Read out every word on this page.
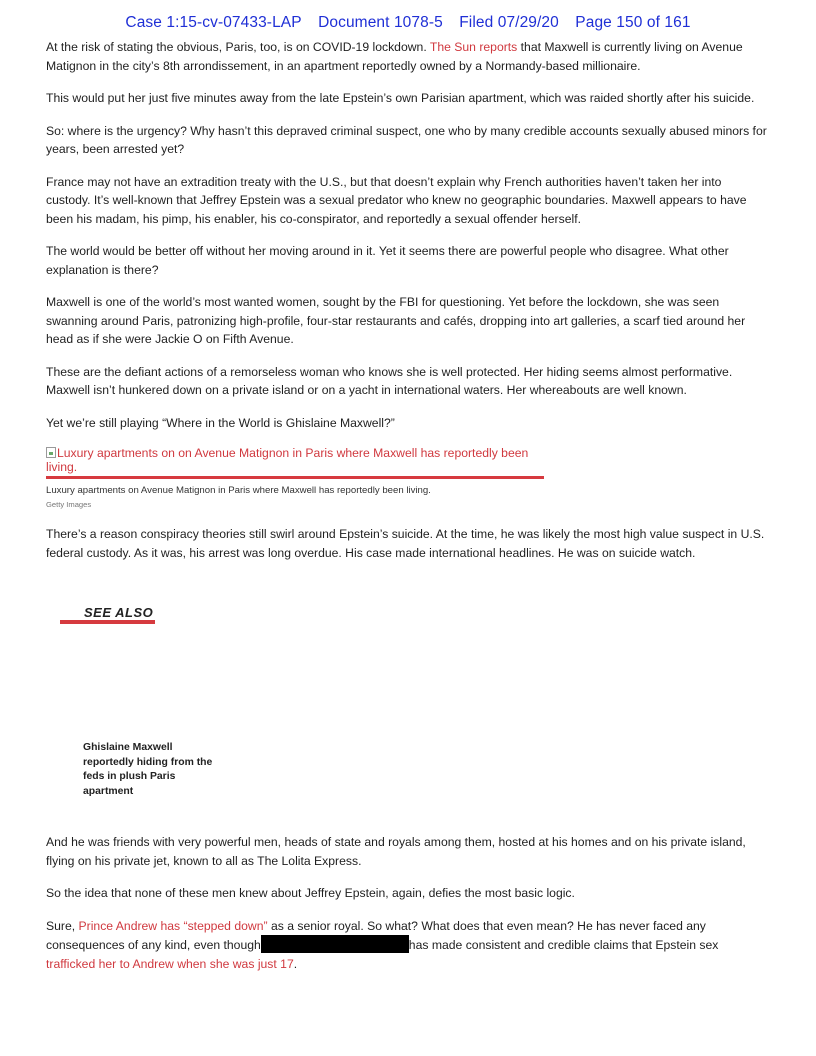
Case 1:15-cv-07433-LAP Document 1078-5 Filed 07/29/20 Page 150 of 161

At the risk of stating the obvious, Paris, too, is on COVID-19 lockdown. The Sun reports that Maxwell is currently living on Avenue Matignon in the city’s 8th arrondissement, in an apartment reportedly owned by a Normandy-based millionaire.

This would put her just five minutes away from the late Epstein’s own Parisian apartment, which was raided shortly after his suicide.

So: where is the urgency? Why hasn’t this depraved criminal suspect, one who by many credible accounts sexually abused minors for years, been arrested yet?

France may not have an extradition treaty with the U.S., but that doesn’t explain why French authorities haven’t taken her into custody. It’s well-known that Jeffrey Epstein was a sexual predator who knew no geographic boundaries. Maxwell appears to have been his madam, his pimp, his enabler, his co-conspirator, and reportedly a sexual offender herself.

The world would be better off without her moving around in it. Yet it seems there are powerful people who disagree. What other explanation is there?

Maxwell is one of the world’s most wanted women, sought by the FBI for questioning. Yet before the lockdown, she was seen swanning around Paris, patronizing high-profile, four-star restaurants and cafés, dropping into art galleries, a scarf tied around her head as if she were Jackie O on Fifth Avenue.

These are the defiant actions of a remorseless woman who knows she is well protected. Her hiding seems almost performative. Maxwell isn’t hunkered down on a private island or on a yacht in international waters. Her whereabouts are well known.

Yet we’re still playing “Where in the World is Ghislaine Maxwell?”

Luxury apartments on on Avenue Matignon in Paris where Maxwell has reportedly been living.
Luxury apartments on Avenue Matignon in Paris where Maxwell has reportedly been living.
Getty Images

There’s a reason conspiracy theories still swirl around Epstein’s suicide. At the time, he was likely the most high value suspect in U.S. federal custody. As it was, his arrest was long overdue. His case made international headlines. He was on suicide watch.

SEE ALSO
Ghislaine Maxwell reportedly hiding from the feds in plush Paris apartment

And he was friends with very powerful men, heads of state and royals among them, hosted at his homes and on his private island, flying on his private jet, known to all as The Lolita Express.

So the idea that none of these men knew about Jeffrey Epstein, again, defies the most basic logic.

Sure, Prince Andrew has “stepped down” as a senior royal. So what? What does that even mean? He has never faced any consequences of any kind, even though	has made consistent and credible claims that Epstein sex trafficked her to Andrew when she was just 17.
